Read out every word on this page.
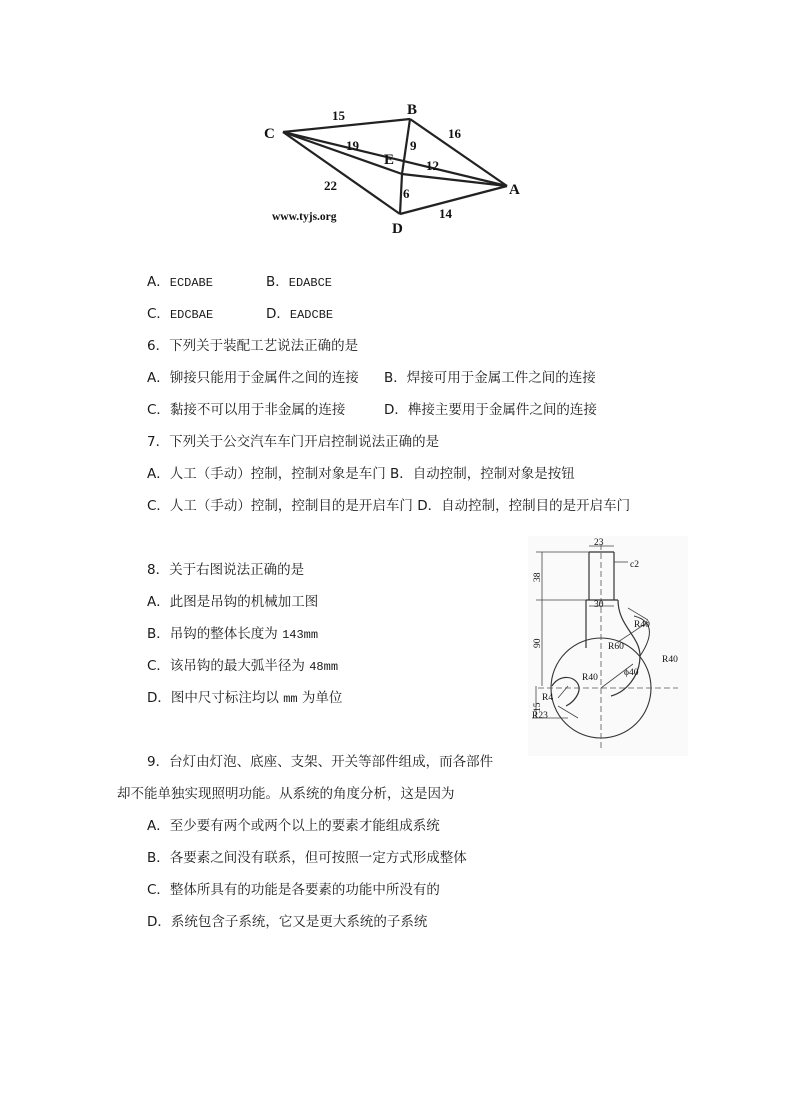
C
B
E
A
D
15
16
19	9
12
22
6
14
www.tyjs.org
A．ECDABE	B．EDABCE
C．EDCBAE	D．EADCBE
6．下列关于装配工艺说法正确的是
A．铆接只能用于金属件之间的连接 B．焊接可用于金属工件之间的连接
C．黏接不可以用于非金属的连接	D．榫接主要用于金属件之间的连接
7．下列关于公交汽车车门开启控制说法正确的是
A．人工（手动）控制，控制对象是车门 B．自动控制，控制对象是按钮
C．人工（手动）控制，控制目的是开启车门 D．自动控制，控制目的是开启车门
8．关于右图说法正确的是
A．此图是吊钩的机械加工图
B．吊钩的整体长度为 143mm
C．该吊钩的最大弧半径为 48mm
D．图中尺寸标注均以 mm 为单位
23
c2
38
30
90	R60
R40
R40
R40	ϕ40
R4
15
R23
9．台灯由灯泡、底座、支架、开关等部件组成，而各部件
却不能单独实现照明功能。从系统的角度分析，这是因为
A．至少要有两个或两个以上的要素才能组成系统
B．各要素之间没有联系，但可按照一定方式形成整体
C．整体所具有的功能是各要素的功能中所没有的
D．系统包含子系统，它又是更大系统的子系统
